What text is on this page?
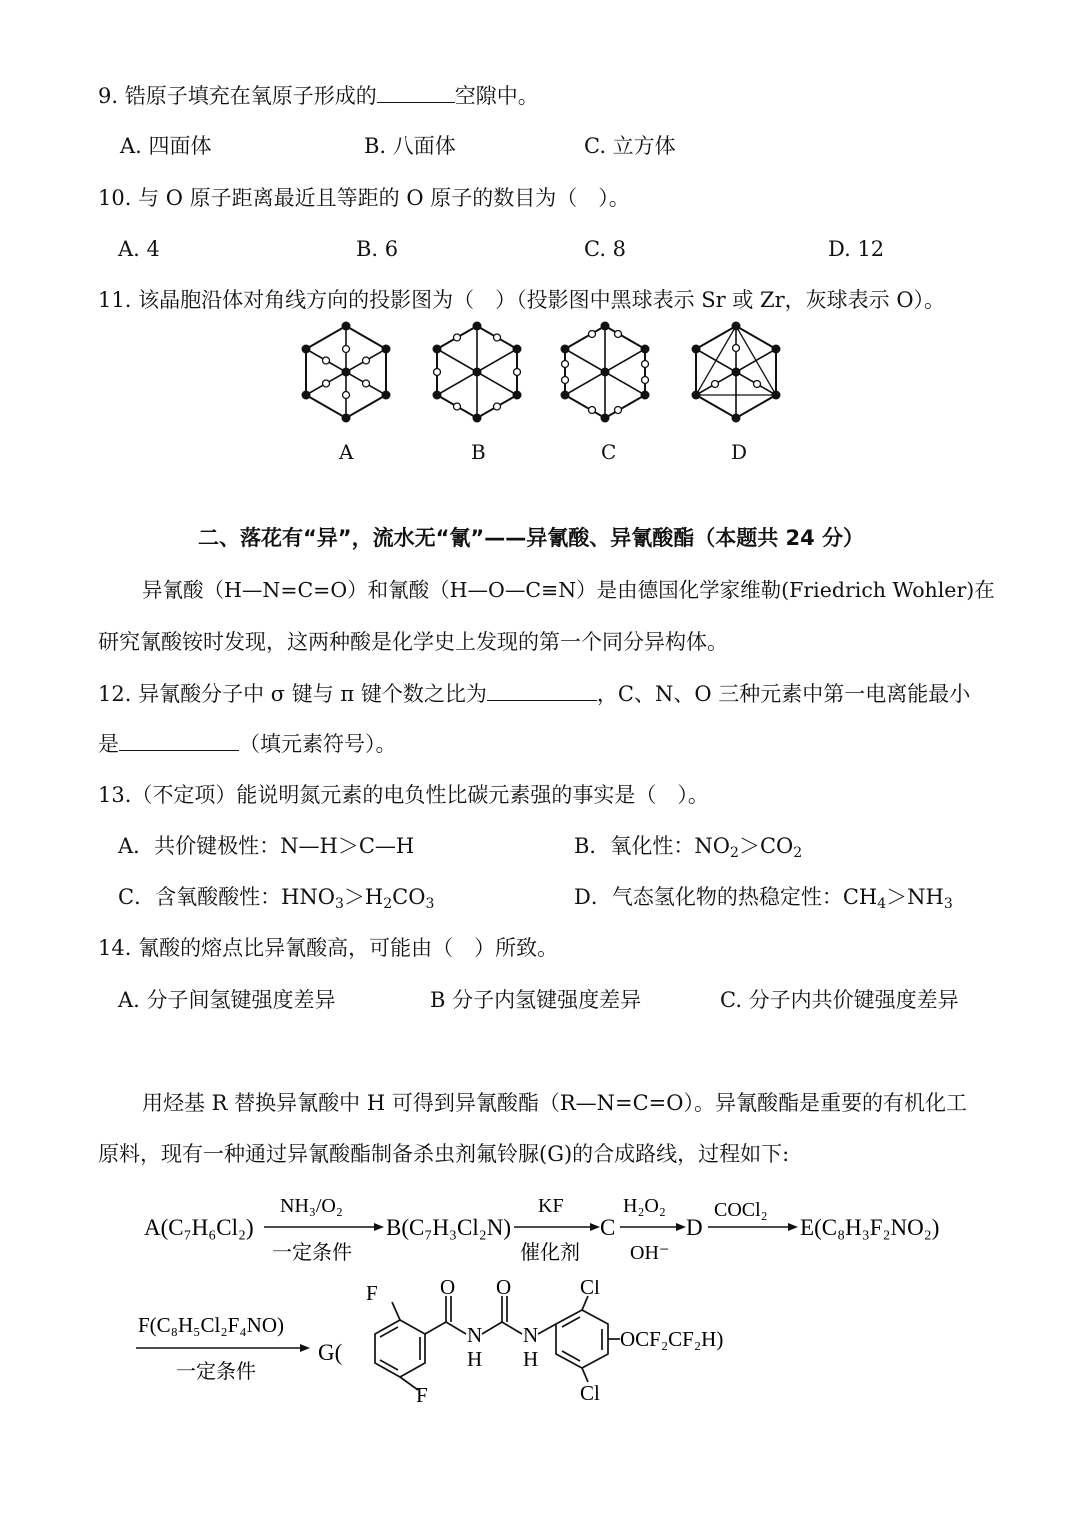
9. 锆原子填充在氧原子形成的	空隙中。
A. 四面体	B. 八面体	C. 立方体
10. 与 O 原子距离最近且等距的 O 原子的数目为（　）。
A. 4	B. 6	C. 8	D. 12
11. 该晶胞沿体对角线方向的投影图为（　）（投影图中黑球表示 Sr 或 Zr，灰球表示 O）。
A	B	C	D
二、落花有“异”，流水无“氰”——异氰酸、异氰酸酯（本题共 24 分）
异氰酸（H—N=C=O）和氰酸（H—O—C≡N）是由德国化学家维勒(Friedrich Wohler)在
研究氰酸铵时发现，这两种酸是化学史上发现的第一个同分异构体。
12. 异氰酸分子中 σ 键与 π 键个数之比为	，C、N、O 三种元素中第一电离能最小
是	（填元素符号）。
13.（不定项）能说明氮元素的电负性比碳元素强的事实是（　）。
A．共价键极性：N—H＞C—H	B．氧化性：$NO_2>CO_2$
C．含氧酸酸性：$HNO_3>H_2CO_3$	D．气态氢化物的热稳定性：$CH_4>NH_3$
14. 氰酸的熔点比异氰酸高，可能由（　）所致。
A. 分子间氢键强度差异	B 分子内氢键强度差异	C. 分子内共价键强度差异
用烃基 R 替换异氰酸中 H 可得到异氰酸酯（R—N=C=O）。异氰酸酯是重要的有机化工
原料，现有一种通过异氰酸酯制备杀虫剂氟铃脲(G)的合成路线，过程如下:
A(C₇H₆Cl₂)
NH₃/O₂
一定条件
B(C₇H₃Cl₂N)
KF
催化剂
C
H₂O₂
OH⁻
D
COCl₂
E(C₈H₃F₂NO₂)
F(C₈H₅Cl₂F₄NO)
一定条件
G(
F
F
O O
N
H
N
H
Cl
Cl
OCF₂CF₂H)
